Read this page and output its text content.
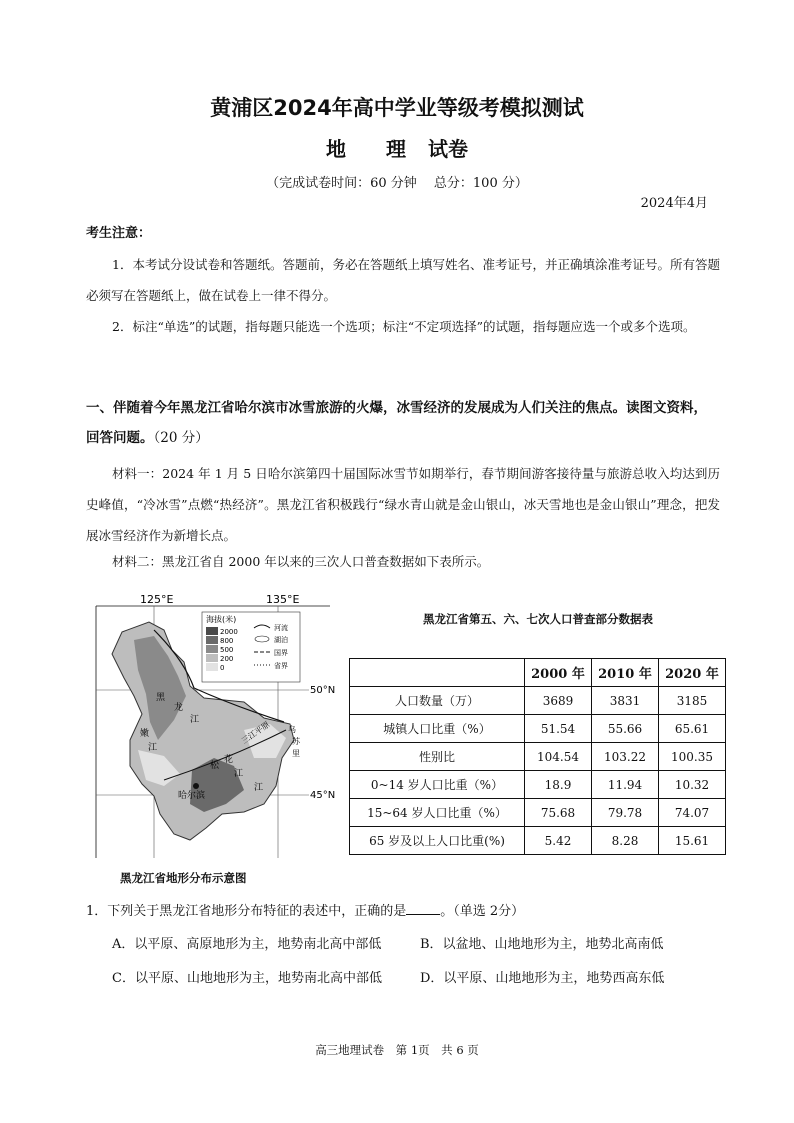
黄浦区2024年高中学业等级考模拟测试
地 理 试卷
（完成试卷时间：60 分钟　 总分：100 分）
2024年4月
考生注意：
1．本考试分设试卷和答题纸。答题前，务必在答题纸上填写姓名、准考证号，并正确填涂准考证号。所有答题必须写在答题纸上，做在试卷上一律不得分。
2．标注“单选”的试题，指每题只能选一个选项；标注“不定项选择”的试题，指每题应选一个或多个选项。
一、伴随着今年黑龙江省哈尔滨市冰雪旅游的火爆，冰雪经济的发展成为人们关注的焦点。读图文资料，回答问题。（20 分）
材料一：2024 年 1 月 5 日哈尔滨第四十届国际冰雪节如期举行，春节期间游客接待量与旅游总收入均达到历史峰值，“冷冰雪”点燃“热经济”。黑龙江省积极践行“绿水青山就是金山银山，冰天雪地也是金山银山”理念，把发展冰雪经济作为新增长点。
材料二：黑龙江省自 2000 年以来的三次人口普查数据如下表所示。
125°E	135°E
50°N
45°N
海拔(米)
2000
800
500
200
0
河流
湖泊
国界
省界
哈尔滨
黑
龙
江	三江平原 乌
苏
里
江
松
花
江
嫩
江
黑龙江省地形分布示意图
黑龙江省第五、六、七次人口普查部分数据表
	2000 年	2010 年	2020 年
人口数量（万）	3689	3831	3185
城镇人口比重（%）	51.54	55.66	65.61
性别比	104.54	103.22	100.35
0~14 岁人口比重（%）	18.9	11.94	10.32
15~64 岁人口比重（%）	75.68	79.78	74.07
65 岁及以上人口比重(%)	5.42	8.28	15.61
1．下列关于黑龙江省地形分布特征的表述中，正确的是	。（单选 2分）
A．以平原、高原地形为主，地势南北高中部低	B．以盆地、山地地形为主，地势北高南低
C．以平原、山地地形为主，地势南北高中部低	D．以平原、山地地形为主，地势西高东低
高三地理试卷　第 1页　共 6 页
